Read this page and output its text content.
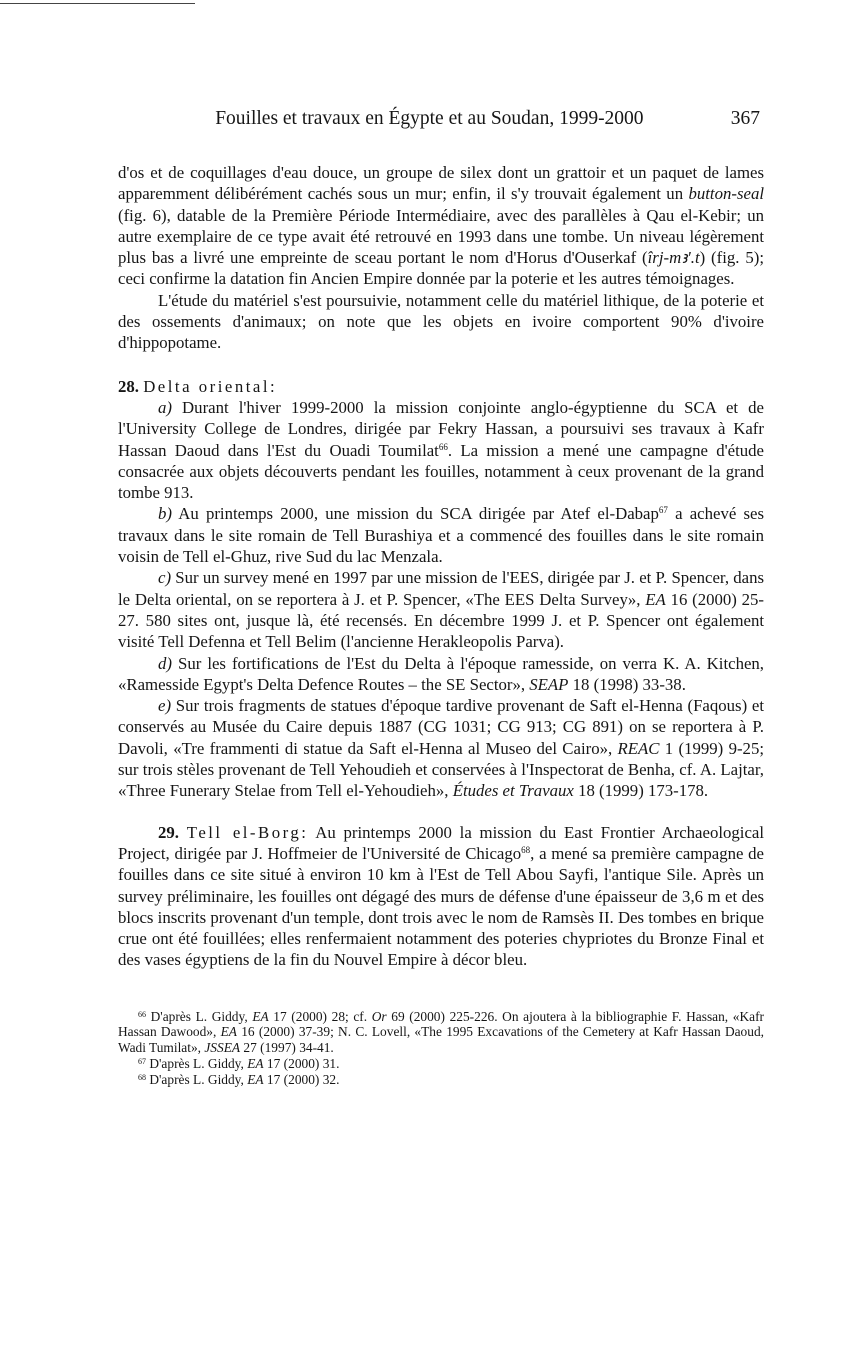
Fouilles et travaux en Égypte et au Soudan, 1999-2000	367

d'os et de coquillages d'eau douce, un groupe de silex dont un grattoir et un paquet de lames apparemment délibérément cachés sous un mur; enfin, il s'y trouvait également un button-seal (fig. 6), datable de la Première Période Intermédiaire, avec des parallèles à Qau el-Kebir; un autre exemplaire de ce type avait été retrouvé en 1993 dans une tombe. Un niveau légèrement plus bas a livré une empreinte de sceau portant le nom d'Horus d'Ouserkaf (îrj-mꜣ'.t) (fig. 5); ceci confirme la datation fin Ancien Empire donnée par la poterie et les autres témoignages.

L'étude du matériel s'est poursuivie, notamment celle du matériel lithique, de la poterie et des ossements d'animaux; on note que les objets en ivoire comportent 90% d'ivoire d'hippopotame.

28. Delta oriental:

a) Durant l'hiver 1999-2000 la mission conjointe anglo-égyptienne du SCA et de l'University College de Londres, dirigée par Fekry Hassan, a poursuivi ses travaux à Kafr Hassan Daoud dans l'Est du Ouadi Toumilat$^{66}$. La mission a mené une campagne d'étude consacrée aux objets découverts pendant les fouilles, notamment à ceux provenant de la grand tombe 913.

b) Au printemps 2000, une mission du SCA dirigée par Atef el-Dabap$^{67}$ a achevé ses travaux dans le site romain de Tell Burashiya et a commencé des fouilles dans le site romain voisin de Tell el-Ghuz, rive Sud du lac Menzala.

c) Sur un survey mené en 1997 par une mission de l'EES, dirigée par J. et P. Spencer, dans le Delta oriental, on se reportera à J. et P. Spencer, «The EES Delta Survey», EA 16 (2000) 25-27. 580 sites ont, jusque là, été recensés. En décembre 1999 J. et P. Spencer ont également visité Tell Defenna et Tell Belim (l'ancienne Herakleopolis Parva).

d) Sur les fortifications de l'Est du Delta à l'époque ramesside, on verra K. A. Kitchen, «Ramesside Egypt's Delta Defence Routes – the SE Sector», SEAP 18 (1998) 33-38.

e) Sur trois fragments de statues d'époque tardive provenant de Saft el-Henna (Faqous) et conservés au Musée du Caire depuis 1887 (CG 1031; CG 913; CG 891) on se reportera à P. Davoli, «Tre frammenti di statue da Saft el-Henna al Museo del Cairo», REAC 1 (1999) 9-25; sur trois stèles provenant de Tell Yehoudieh et conservées à l'Inspectorat de Benha, cf. A. Lajtar, «Three Funerary Stelae from Tell el-Yehoudieh», Études et Travaux 18 (1999) 173-178.

29. Tell el-Borg: Au printemps 2000 la mission du East Frontier Archaeological Project, dirigée par J. Hoffmeier de l'Université de Chicago$^{68}$, a mené sa première campagne de fouilles dans ce site situé à environ 10 km à l'Est de Tell Abou Sayfi, l'antique Sile. Après un survey préliminaire, les fouilles ont dégagé des murs de défense d'une épaisseur de 3,6 m et des blocs inscrits provenant d'un temple, dont trois avec le nom de Ramsès II. Des tombes en brique crue ont été fouillées; elles renfermaient notamment des poteries chypriotes du Bronze Final et des vases égyptiens de la fin du Nouvel Empire à décor bleu.

$^{66}$ D'après L. Giddy, EA 17 (2000) 28; cf. Or 69 (2000) 225-226. On ajoutera à la bibliographie F. Hassan, «Kafr Hassan Dawood», EA 16 (2000) 37-39; N. C. Lovell, «The 1995 Excavations of the Cemetery at Kafr Hassan Daoud, Wadi Tumilat», JSSEA 27 (1997) 34-41.

$^{67}$ D'après L. Giddy, EA 17 (2000) 31.

$^{68}$ D'après L. Giddy, EA 17 (2000) 32.
